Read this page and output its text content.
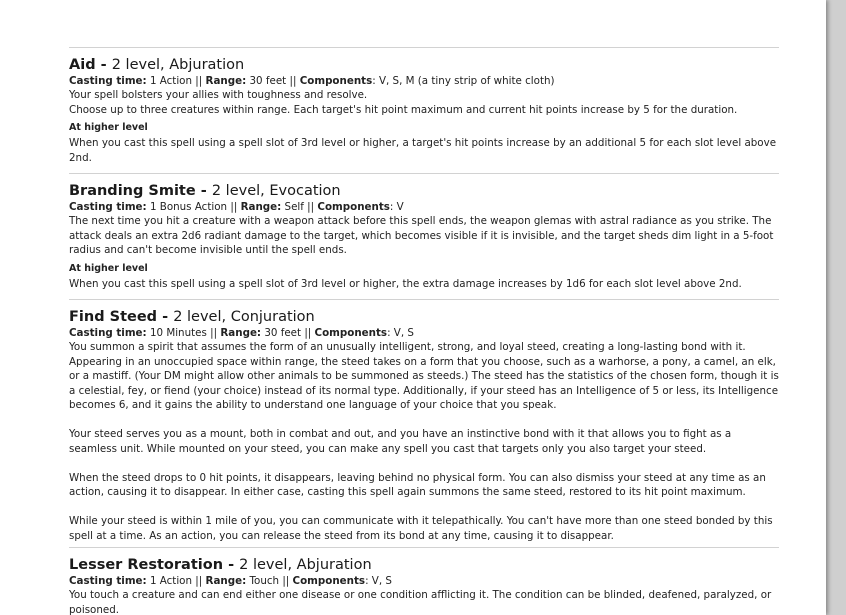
Aid - 2 level, Abjuration
Casting time: 1 Action || Range: 30 feet || Components: V, S, M (a tiny strip of white cloth)

Your spell bolsters your allies with toughness and resolve.

Choose up to three creatures within range. Each target's hit point maximum and current hit points increase by 5 for the duration.

At higher level
When you cast this spell using a spell slot of 3rd level or higher, a target's hit points increase by an additional 5 for each slot level above 2nd.
Branding Smite - 2 level, Evocation
Casting time: 1 Bonus Action || Range: Self || Components: V

The next time you hit a creature with a weapon attack before this spell ends, the weapon glemas with astral radiance as you strike. The attack deals an extra 2d6 radiant damage to the target, which becomes visible if it is invisible, and the target sheds dim light in a 5-foot radius and can't become invisible until the spell ends.

At higher level
When you cast this spell using a spell slot of 3rd level or higher, the extra damage increases by 1d6 for each slot level above 2nd.
Find Steed - 2 level, Conjuration
Casting time: 10 Minutes || Range: 30 feet || Components: V, S

You summon a spirit that assumes the form of an unusually intelligent, strong, and loyal steed, creating a long-lasting bond with it. Appearing in an unoccupied space within range, the steed takes on a form that you choose, such as a warhorse, a pony, a camel, an elk, or a mastiff. (Your DM might allow other animals to be summoned as steeds.) The steed has the statistics of the chosen form, though it is a celestial, fey, or fiend (your choice) instead of its normal type. Additionally, if your steed has an Intelligence of 5 or less, its Intelligence becomes 6, and it gains the ability to understand one language of your choice that you speak.

Your steed serves you as a mount, both in combat and out, and you have an instinctive bond with it that allows you to fight as a seamless unit. While mounted on your steed, you can make any spell you cast that targets only you also target your steed.

When the steed drops to 0 hit points, it disappears, leaving behind no physical form. You can also dismiss your steed at any time as an action, causing it to disappear. In either case, casting this spell again summons the same steed, restored to its hit point maximum.

While your steed is within 1 mile of you, you can communicate with it telepathically. You can't have more than one steed bonded by this spell at a time. As an action, you can release the steed from its bond at any time, causing it to disappear.

Lesser Restoration - 2 level, Abjuration
Casting time: 1 Action || Range: Touch || Components: V, S

You touch a creature and can end either one disease or one condition afflicting it. The condition can be blinded, deafened, paralyzed, or poisoned.
